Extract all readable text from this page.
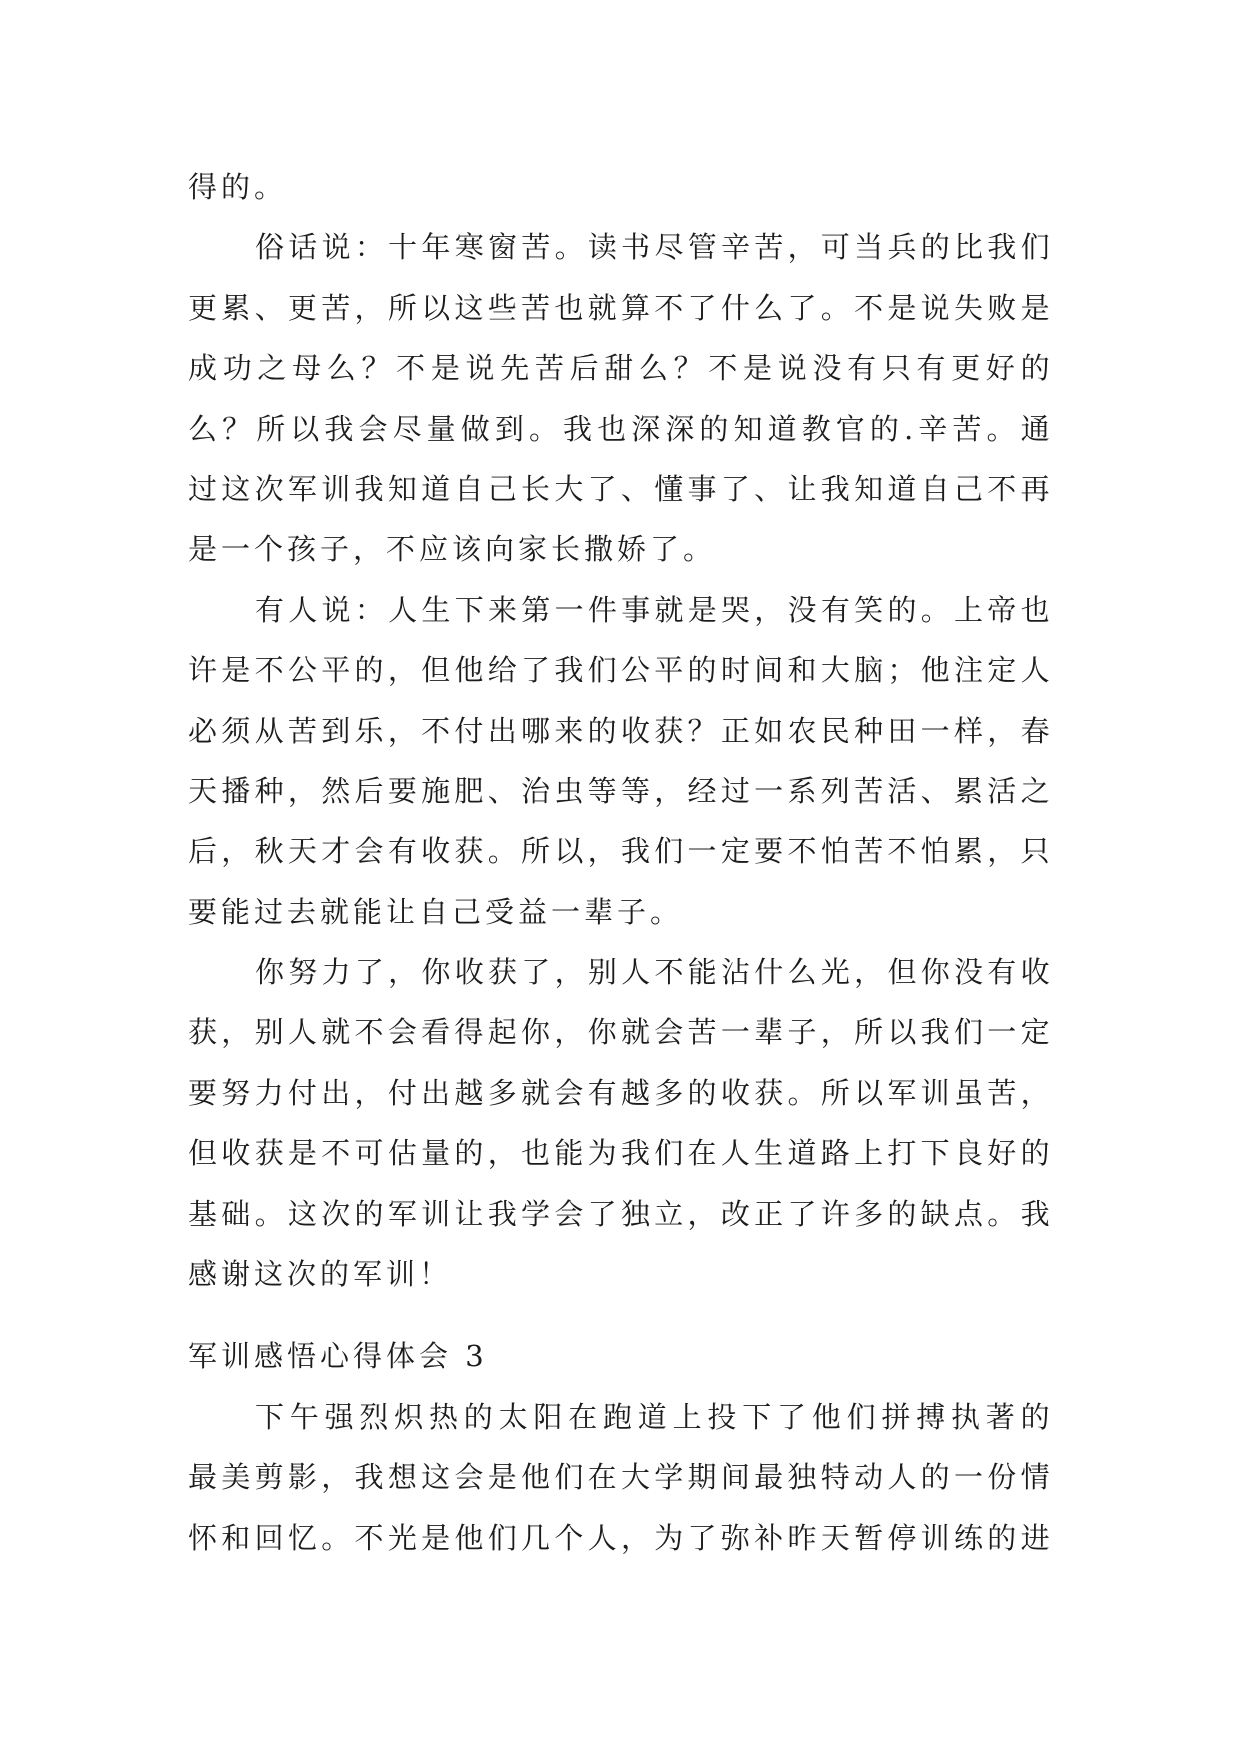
得的。
俗话说：十年寒窗苦。读书尽管辛苦，可当兵的比我们
更累、更苦，所以这些苦也就算不了什么了。不是说失败是
成功之母么？不是说先苦后甜么？不是说没有只有更好的
么？所以我会尽量做到。我也深深的知道教官的.辛苦。通
过这次军训我知道自己长大了、懂事了、让我知道自己不再
是一个孩子，不应该向家长撒娇了。
有人说：人生下来第一件事就是哭，没有笑的。上帝也
许是不公平的，但他给了我们公平的时间和大脑；他注定人
必须从苦到乐，不付出哪来的收获？正如农民种田一样，春
天播种，然后要施肥、治虫等等，经过一系列苦活、累活之
后，秋天才会有收获。所以，我们一定要不怕苦不怕累，只
要能过去就能让自己受益一辈子。
你努力了，你收获了，别人不能沾什么光，但你没有收
获，别人就不会看得起你，你就会苦一辈子，所以我们一定
要努力付出，付出越多就会有越多的收获。所以军训虽苦，
但收获是不可估量的，也能为我们在人生道路上打下良好的
基础。这次的军训让我学会了独立，改正了许多的缺点。我
感谢这次的军训！
军训感悟心得体会 3
下午强烈炽热的太阳在跑道上投下了他们拼搏执著的
最美剪影，我想这会是他们在大学期间最独特动人的一份情
怀和回忆。不光是他们几个人，为了弥补昨天暂停训练的进
